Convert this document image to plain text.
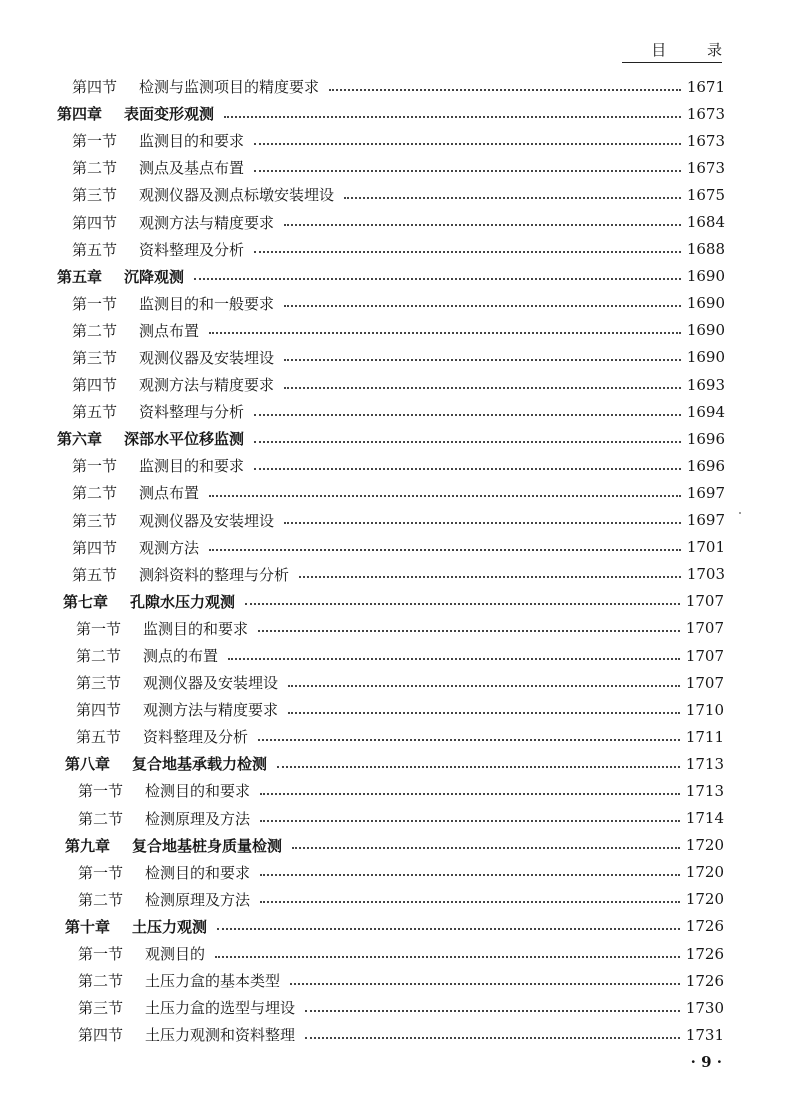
目 录
第四节 检测与监测项目的精度要求	1671
第四章 表面变形观测	1673
第一节 监测目的和要求	1673
第二节 测点及基点布置	1673
第三节 观测仪器及测点标墩安装埋设	1675
第四节 观测方法与精度要求	1684
第五节 资料整理及分析	1688
第五章 沉降观测	1690
第一节 监测目的和一般要求	1690
第二节 测点布置	1690
第三节 观测仪器及安装埋设	1690
第四节 观测方法与精度要求	1693
第五节 资料整理与分析	1694
第六章 深部水平位移监测	1696
第一节 监测目的和要求	1696
第二节 测点布置	1697
第三节 观测仪器及安装埋设	1697
第四节 观测方法	1701
第五节 测斜资料的整理与分析	1703
第七章 孔隙水压力观测	1707
第一节 监测目的和要求	1707
第二节 测点的布置	1707
第三节 观测仪器及安装埋设	1707
第四节 观测方法与精度要求	1710
第五节 资料整理及分析	1711
第八章 复合地基承载力检测	1713
第一节 检测目的和要求	1713
第二节 检测原理及方法	1714
第九章 复合地基桩身质量检测	1720
第一节 检测目的和要求	1720
第二节 检测原理及方法	1720
第十章 土压力观测	1726
第一节 观测目的	1726
第二节 土压力盒的基本类型	1726
第三节 土压力盒的选型与埋设	1730
第四节 土压力观测和资料整理	1731
· 9 ·
